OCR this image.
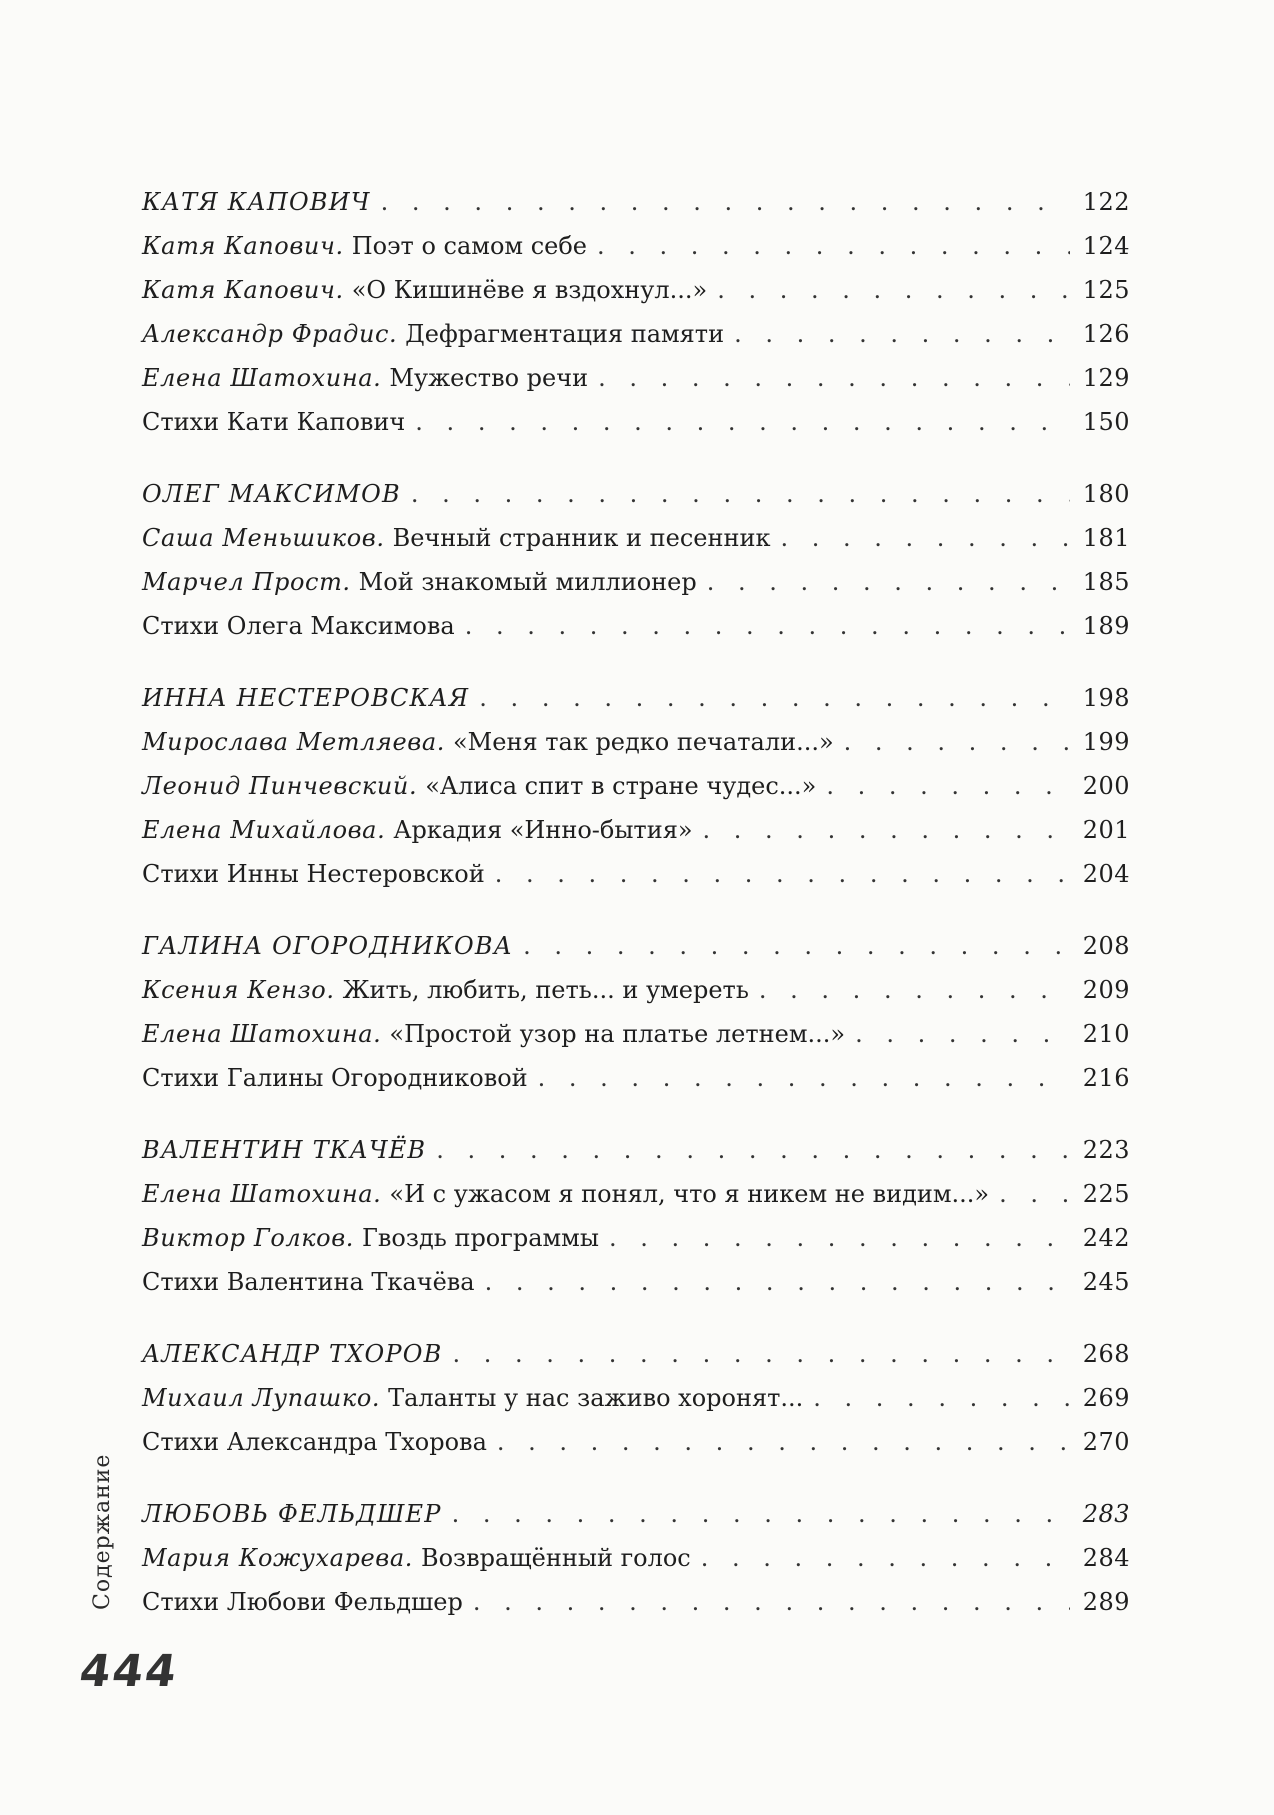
КАТЯ КАПОВИЧ . . .	122
Катя Капович. Поэт о самом себе . . .	124
Катя Капович. «О Кишинёве я вздохнул...» . . .	125
Александр Фрадис. Дефрагментация памяти . . .	126
Елена Шатохина. Мужество речи . . .	129
Стихи Кати Капович . . .	150
ОЛЕГ МАКСИМОВ . . .	180
Саша Меньшиков. Вечный странник и песенник . . .	181
Марчел Прост. Мой знакомый миллионер . . .	185
Стихи Олега Максимова . . .	189
ИННА НЕСТЕРОВСКАЯ . . .	198
Мирослава Метляева. «Меня так редко печатали...» . . .	199
Леонид Пинчевский. «Алиса спит в стране чудес...» . . .	200
Елена Михайлова. Аркадия «Инно-бытия» . . .	201
Стихи Инны Нестеровской . . .	204
ГАЛИНА ОГОРОДНИКОВА . . .	208
Ксения Кензо. Жить, любить, петь... и умереть . . .	209
Елена Шатохина. «Простой узор на платье летнем...» . . .	210
Стихи Галины Огородниковой . . .	216
ВАЛЕНТИН ТКАЧЁВ . . .	223
Елена Шатохина. «И с ужасом я понял, что я никем не видим...» . . .	225
Виктор Голков. Гвоздь программы . . .	242
Стихи Валентина Ткачёва . . .	245
АЛЕКСАНДР ТХОРОВ . . .	268
Михаил Лупашко. Таланты у нас заживо хоронят... . . .	269
Стихи Александра Тхорова . . .	270
ЛЮБОВЬ ФЕЛЬДШЕР . . .	283
Мария Кожухарева. Возвращённый голос . . .	284
Стихи Любови Фельдшер . . .	289
Содержание
444
